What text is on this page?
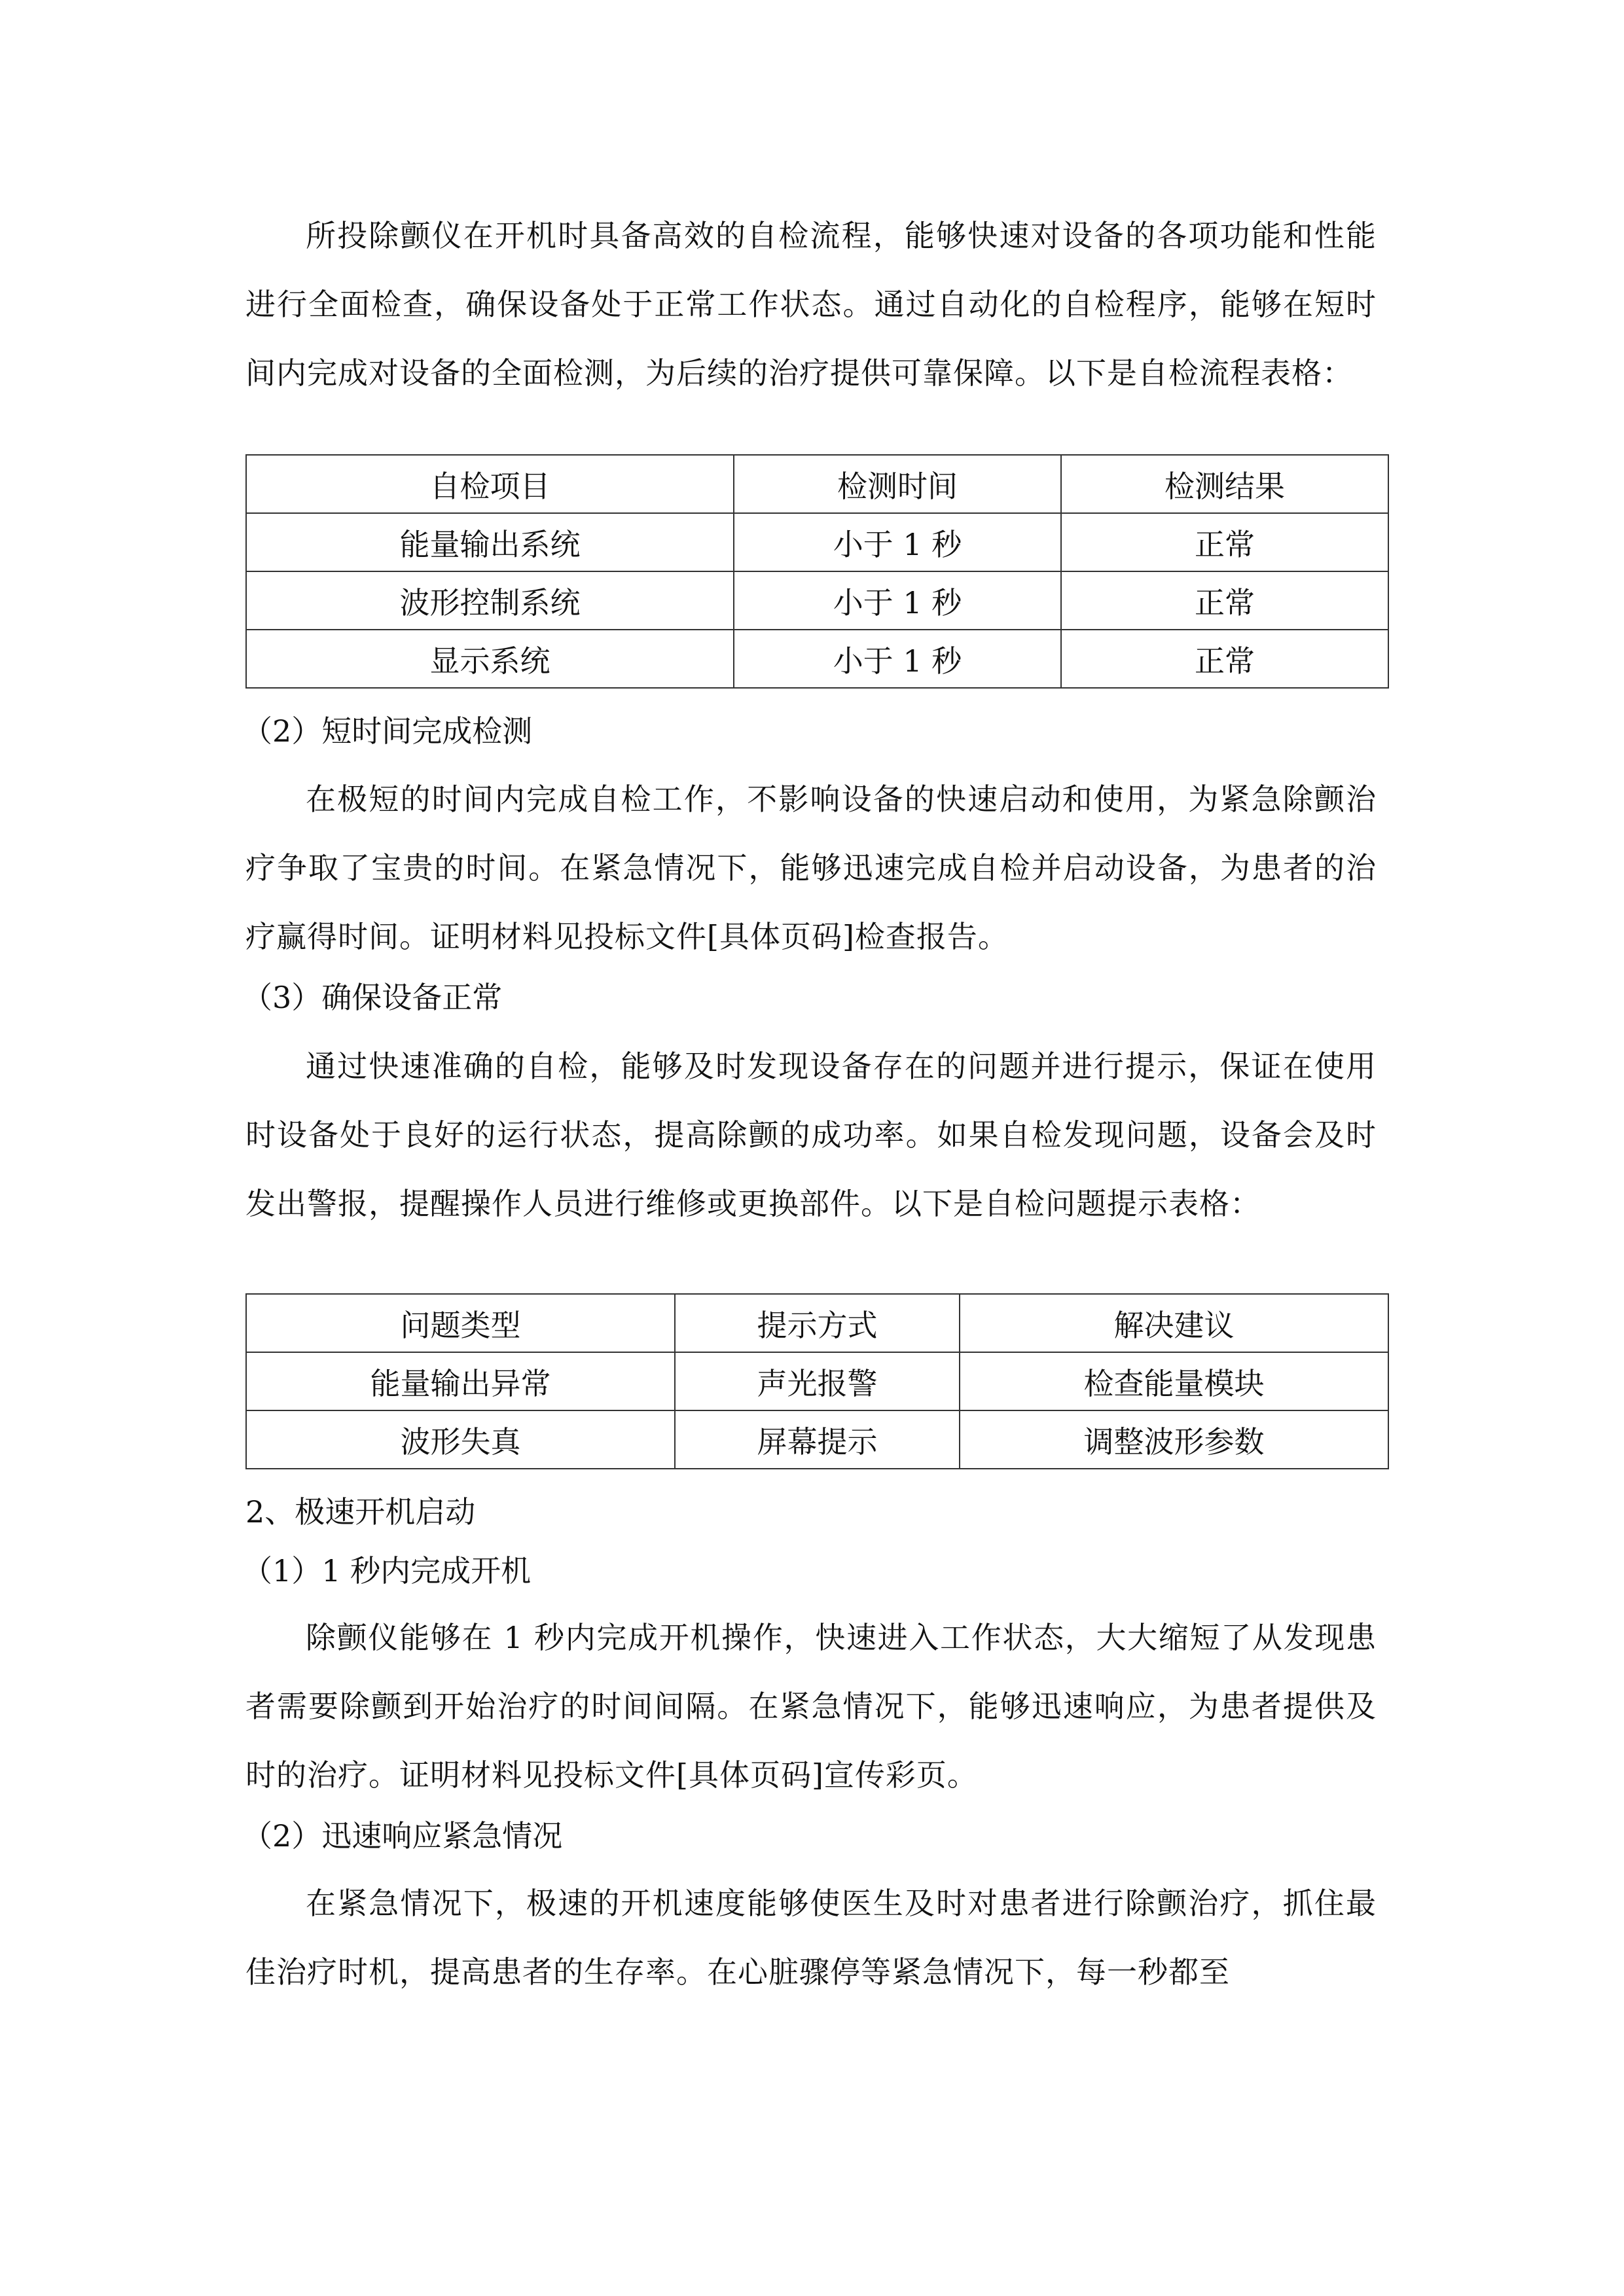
所投除颤仪在开机时具备高效的自检流程，能够快速对设备的各项功能和性能进行全面检查，确保设备处于正常工作状态。通过自动化的自检程序，能够在短时间内完成对设备的全面检测，为后续的治疗提供可靠保障。以下是自检流程表格：

自检项目	检测时间	检测结果
能量输出系统	小于 1 秒	正常
波形控制系统	小于 1 秒	正常
显示系统	小于 1 秒	正常

（2）短时间完成检测

在极短的时间内完成自检工作，不影响设备的快速启动和使用，为紧急除颤治疗争取了宝贵的时间。在紧急情况下，能够迅速完成自检并启动设备，为患者的治疗赢得时间。证明材料见投标文件[具体页码]检查报告。

（3）确保设备正常

通过快速准确的自检，能够及时发现设备存在的问题并进行提示，保证在使用时设备处于良好的运行状态，提高除颤的成功率。如果自检发现问题，设备会及时发出警报，提醒操作人员进行维修或更换部件。以下是自检问题提示表格：

问题类型	提示方式	解决建议
能量输出异常	声光报警	检查能量模块
波形失真	屏幕提示	调整波形参数

2、极速开机启动

（1）1 秒内完成开机

除颤仪能够在 1 秒内完成开机操作，快速进入工作状态，大大缩短了从发现患者需要除颤到开始治疗的时间间隔。在紧急情况下，能够迅速响应，为患者提供及时的治疗。证明材料见投标文件[具体页码]宣传彩页。

（2）迅速响应紧急情况

在紧急情况下，极速的开机速度能够使医生及时对患者进行除颤治疗，抓住最佳治疗时机，提高患者的生存率。在心脏骤停等紧急情况下，每一秒都至
